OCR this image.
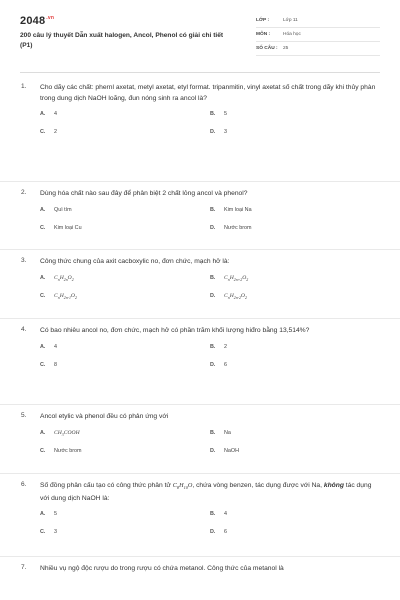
$2048^{.vn}$
200 câu lý thuyết Dẫn xuất halogen, Ancol, Phenol có giải chi tiết (P1)
LỚP :	Lớp 11
MÔN :	Hóa học
SỐ CÂU : 25
1. Cho dãy các chất: phernl axetat, metyl axetat, etyl format. tripanmitin, vinyl axetat số chất trong dãy khi thủy phàn trong dung dịch NaOH loãng, đun nóng sinh ra ancol là?
A. 4	B. 5
C. 2	D. 3
2. Dùng hóa chất nào sau đây để phân biệt 2 chất lỏng ancol và phenol?
A. Quì tím	B. Kim loại Na
C. Kim loại Cu	D. Nước brom
3. Công thức chung của axit cacboxylic no, đơn chức, mạch hở là:
A. $C_nH_{2n}O_2$	B. $C_nH_{2n+2}O_2$
C. $C_nH_{2n-1}O_2$	D. $C_nH_{2n-2}O_2$
4. Có bao nhiêu ancol no, đơn chức, mạch hở có phần trăm khối lượng hiđro bằng 13,514%?
A. 4	B. 2
C. 8	D. 6
5. Ancol etylic và phenol đều có phản ứng với
A. $CH_3COOH$	B. Na
C. Nước brom	D. NaOH
6. Số đồng phân cấu tạo có công thức phân tử $C_8H_{10}O$, chứa vòng benzen, tác dụng được với Na, không tác dụng với dung dịch NaOH là:
A. 5	B. 4
C. 3	D. 6
7. Nhiều vụ ngộ độc rượu do trong rượu có chứa metanol. Công thức của metanol là
